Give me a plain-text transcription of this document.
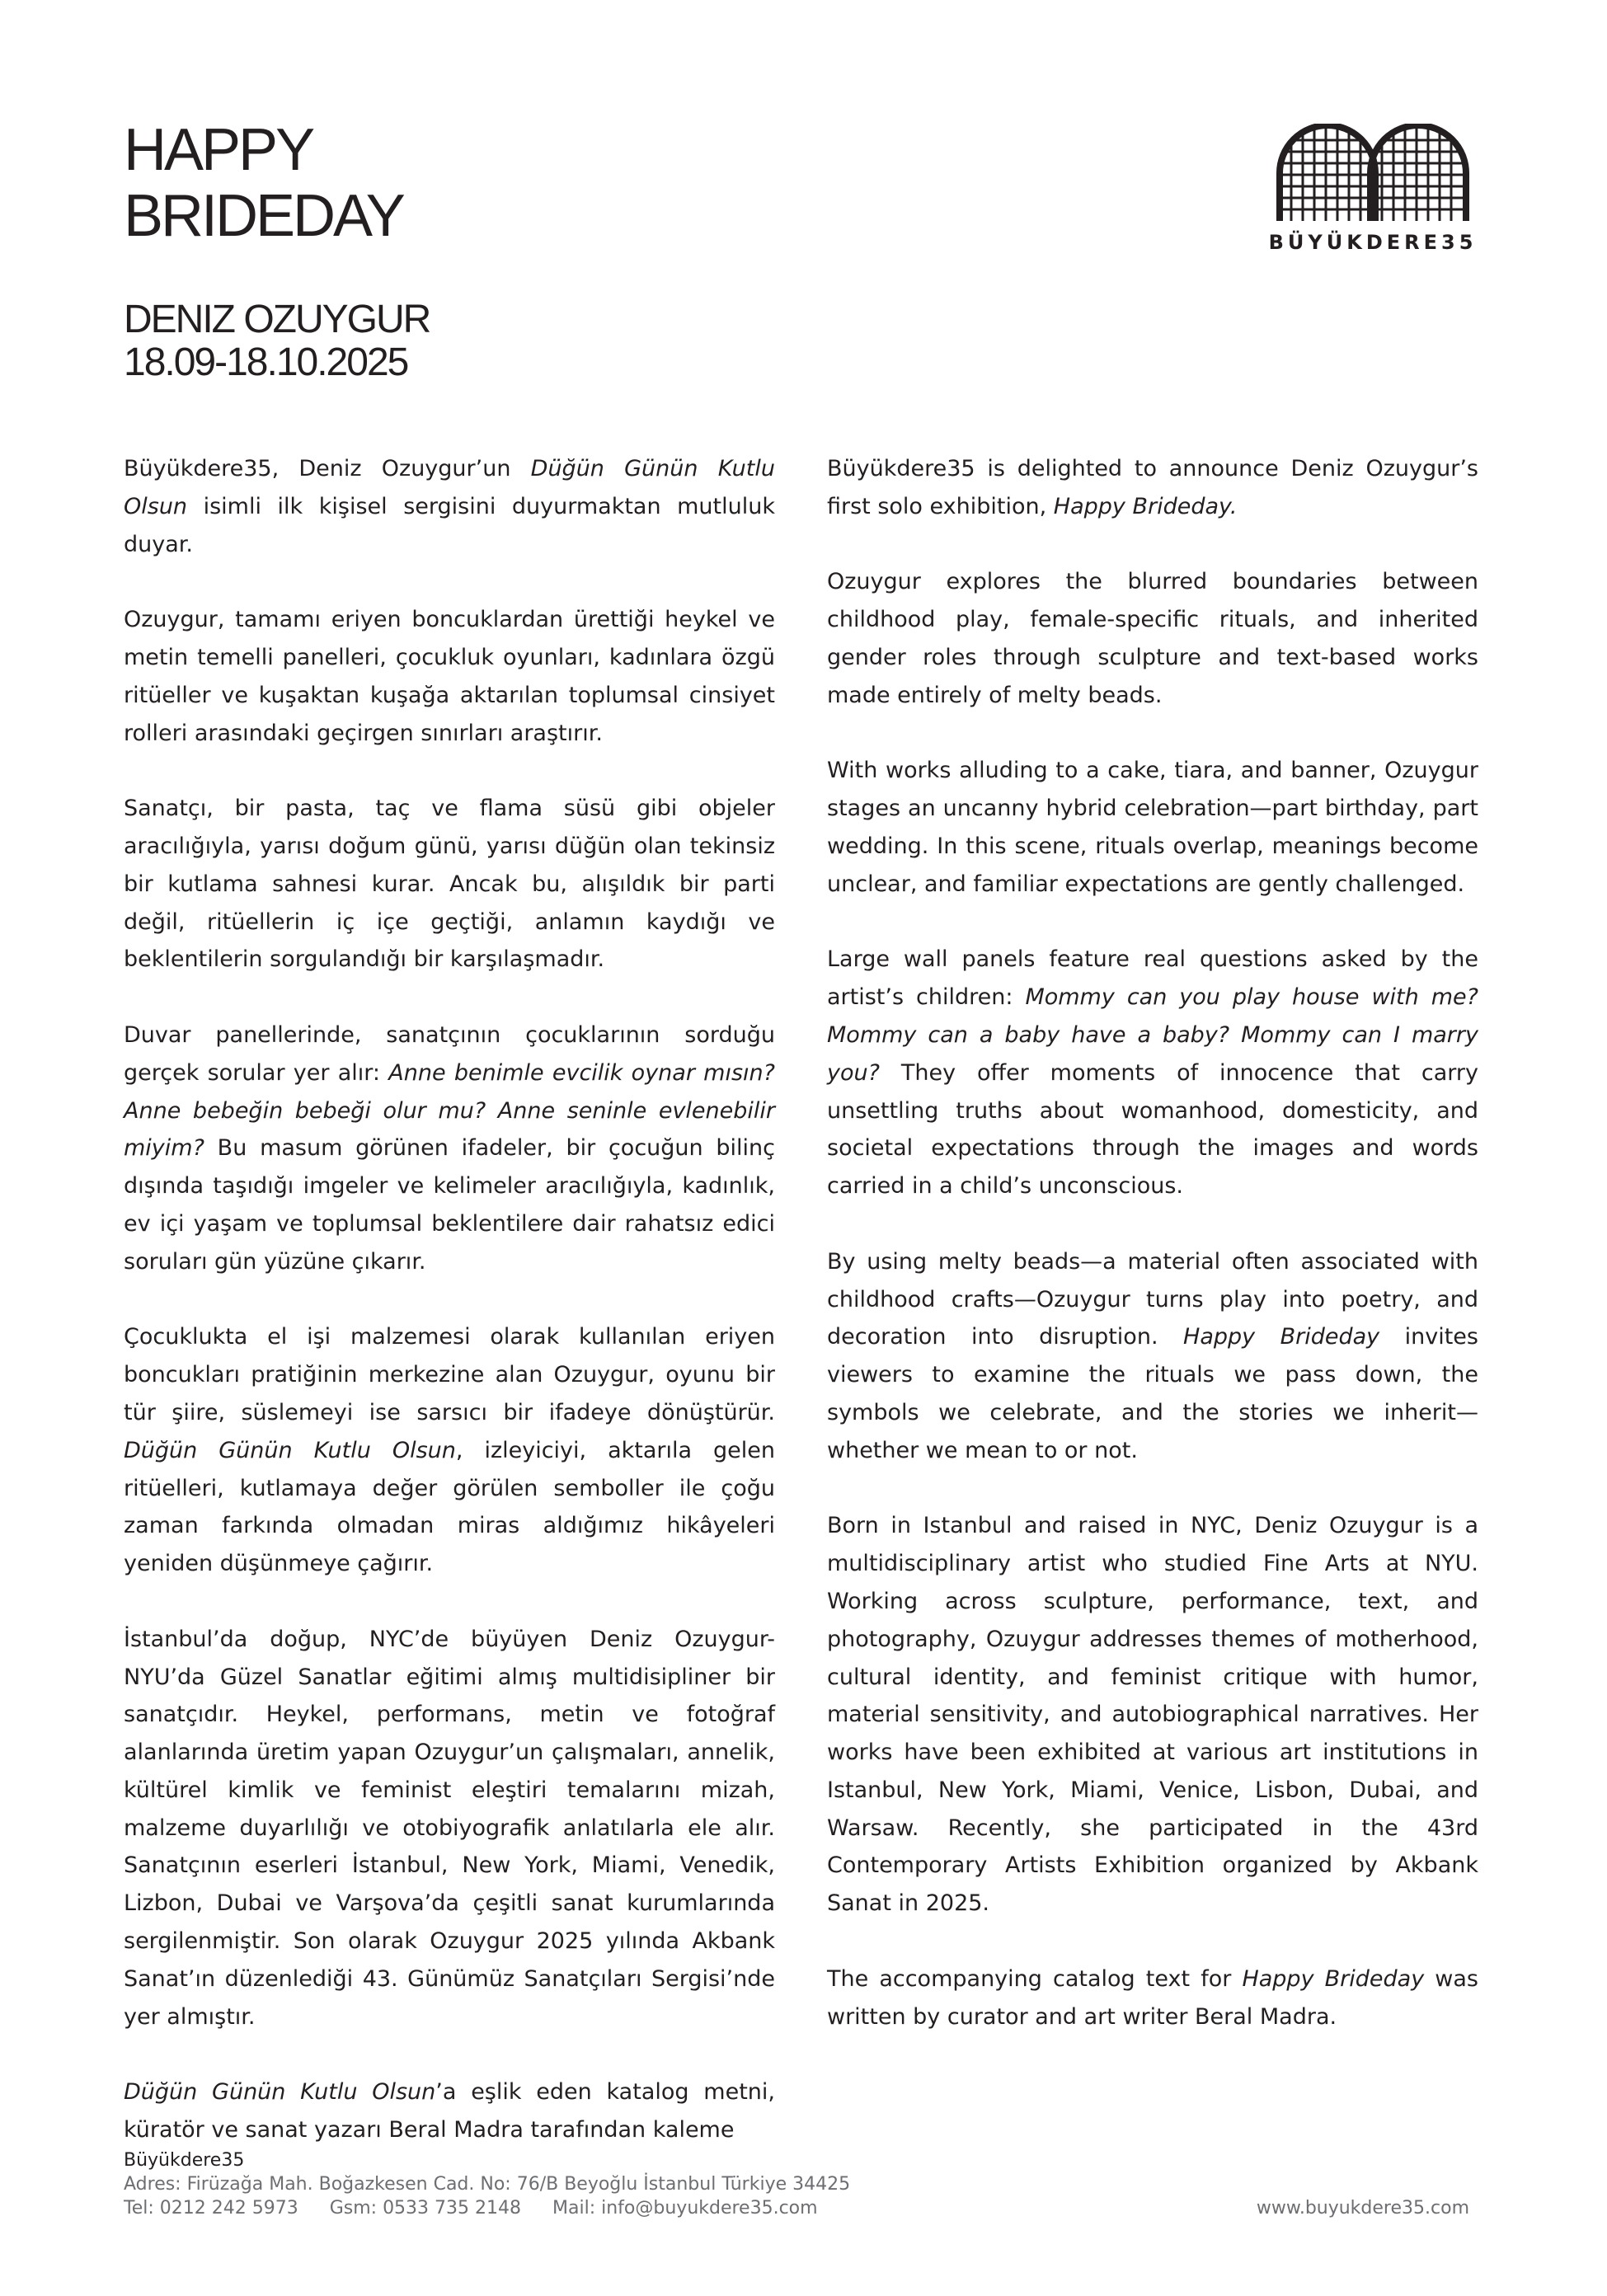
HAPPY
BRIDEDAY
DENIZ OZUYGUR
18.09-18.10.2025
BÜYÜKDERE35

Büyükdere35, Deniz Ozuygur’un Düğün Günün Kutlu Olsun isimli ilk kişisel sergisini duyurmaktan mutluluk duyar.

Ozuygur, tamamı eriyen boncuklardan ürettiği heykel ve metin temelli panelleri, çocukluk oyunları, kadınlara özgü ritüeller ve kuşaktan kuşağa aktarılan toplumsal cinsiyet rolleri arasındaki geçirgen sınırları araştırır.

Sanatçı, bir pasta, taç ve flama süsü gibi objeler aracılığıyla, yarısı doğum günü, yarısı düğün olan tekinsiz bir kutlama sahnesi kurar. Ancak bu, alışıldık bir parti değil, ritüellerin iç içe geçtiği, anlamın kaydığı ve beklentilerin sorgulandığı bir karşılaşmadır.

Duvar panellerinde, sanatçının çocuklarının sorduğu gerçek sorular yer alır: Anne benimle evcilik oynar mısın? Anne bebeğin bebeği olur mu? Anne seninle evlenebilir miyim? Bu masum görünen ifadeler, bir çocuğun bilinç dışında taşıdığı imgeler ve kelimeler aracılığıyla, kadınlık, ev içi yaşam ve toplumsal beklentilere dair rahatsız edici soruları gün yüzüne çıkarır.

Çocuklukta el işi malzemesi olarak kullanılan eriyen boncukları pratiğinin merkezine alan Ozuygur, oyunu bir tür şiire, süslemeyi ise sarsıcı bir ifadeye dönüştürür. Düğün Günün Kutlu Olsun, izleyiciyi, aktarıla gelen ritüelleri, kutlamaya değer görülen semboller ile çoğu zaman farkında olmadan miras aldığımız hikâyeleri yeniden düşünmeye çağırır.

İstanbul’da doğup, NYC’de büyüyen Deniz Ozuygur- NYU’da Güzel Sanatlar eğitimi almış multidisipliner bir sanatçıdır. Heykel, performans, metin ve fotoğraf alanlarında üretim yapan Ozuygur’un çalışmaları, annelik, kültürel kimlik ve feminist eleştiri temalarını mizah, malzeme duyarlılığı ve otobiyografik anlatılarla ele alır. Sanatçının eserleri İstanbul, New York, Miami, Venedik, Lizbon, Dubai ve Varşova’da çeşitli sanat kurumlarında sergilenmiştir. Son olarak Ozuygur 2025 yılında Akbank Sanat’ın düzenlediği 43. Günümüz Sanatçıları Sergisi’nde yer almıştır.

Düğün Günün Kutlu Olsun’a eşlik eden katalog metni, küratör ve sanat yazarı Beral Madra tarafından kaleme

Büyükdere35 is delighted to announce Deniz Ozuygur’s first solo exhibition, Happy Brideday.

Ozuygur explores the blurred boundaries between childhood play, female-specific rituals, and inherited gender roles through sculpture and text-based works made entirely of melty beads.

With works alluding to a cake, tiara, and banner, Ozuygur stages an uncanny hybrid celebration—part birthday, part wedding. In this scene, rituals overlap, meanings become unclear, and familiar expectations are gently challenged.

Large wall panels feature real questions asked by the artist’s children: Mommy can you play house with me? Mommy can a baby have a baby? Mommy can I marry you? They offer moments of innocence that carry unsettling truths about womanhood, domesticity, and societal expectations through the images and words carried in a child’s unconscious.

By using melty beads—a material often associated with childhood crafts—Ozuygur turns play into poetry, and decoration into disruption. Happy Brideday invites viewers to examine the rituals we pass down, the symbols we celebrate, and the stories we inherit— whether we mean to or not.

Born in Istanbul and raised in NYC, Deniz Ozuygur is a multidisciplinary artist who studied Fine Arts at NYU. Working across sculpture, performance, text, and photography, Ozuygur addresses themes of motherhood, cultural identity, and feminist critique with humor, material sensitivity, and autobiographical narratives. Her works have been exhibited at various art institutions in Istanbul, New York, Miami, Venice, Lisbon, Dubai, and Warsaw. Recently, she participated in the 43rd Contemporary Artists Exhibition organized by Akbank Sanat in 2025.

The accompanying catalog text for Happy Brideday was written by curator and art writer Beral Madra.

Büyükdere35
Adres: Firüzağa Mah. Boğazkesen Cad. No: 76/B Beyoğlu İstanbul Türkiye 34425
Tel: 0212 242 5973 Gsm: 0533 735 2148 Mail: info@buyukdere35.com	www.buyukdere35.com
